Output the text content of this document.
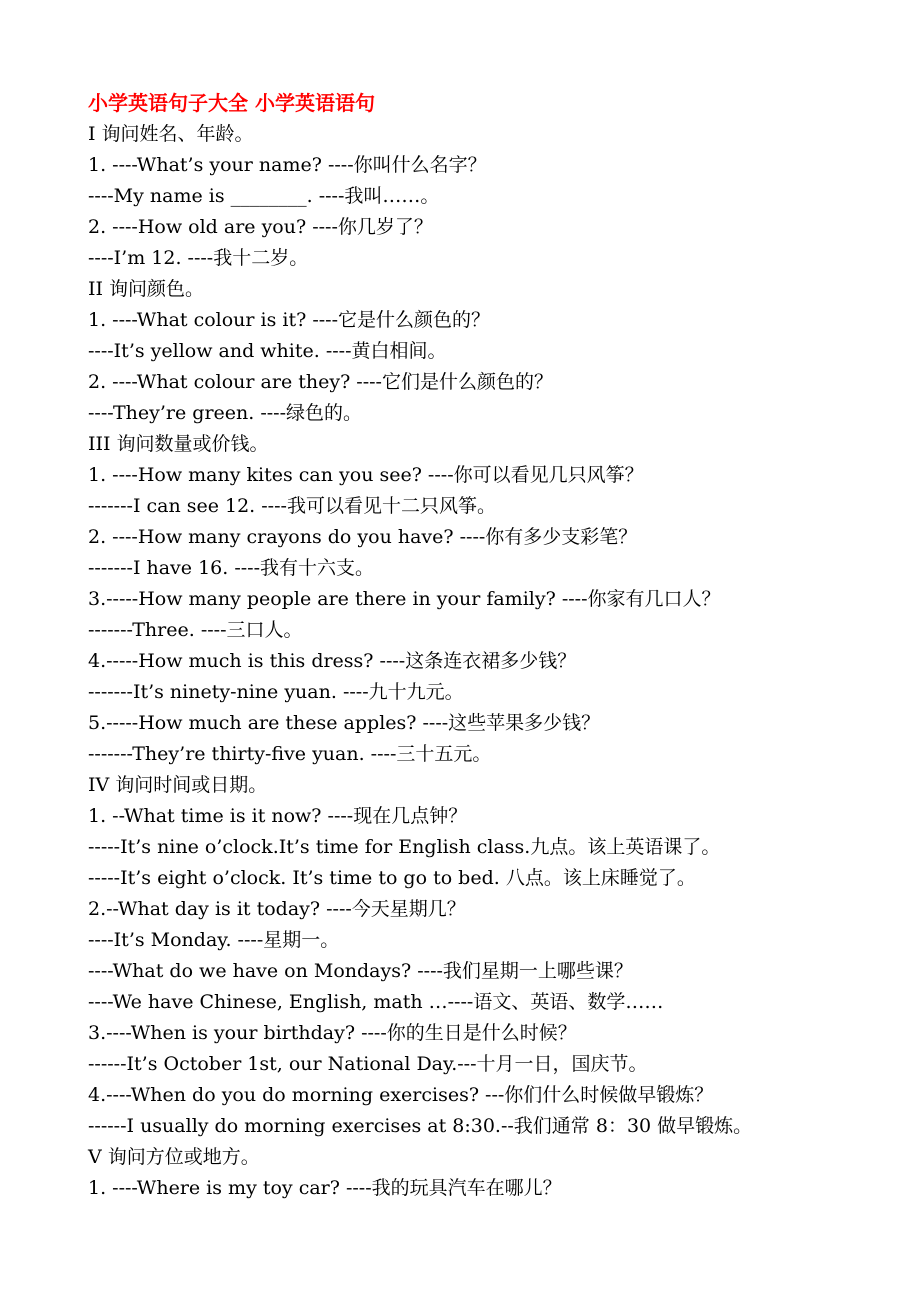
小学英语句子大全 小学英语语句
I 询问姓名、年龄。
1. ----What’s your name? ----你叫什么名字？
----My name is ________. ----我叫……。
2. ----How old are you? ----你几岁了？
----I’m 12. ----我十二岁。
II 询问颜色。
1. ----What colour is it? ----它是什么颜色的？
----It’s yellow and white. ----黄白相间。
2. ----What colour are they? ----它们是什么颜色的？
----They’re green. ----绿色的。
III 询问数量或价钱。
1. ----How many kites can you see? ----你可以看见几只风筝？
-------I can see 12. ----我可以看见十二只风筝。
2. ----How many crayons do you have? ----你有多少支彩笔？
-------I have 16. ----我有十六支。
3.-----How many people are there in your family? ----你家有几口人？
-------Three. ----三口人。
4.-----How much is this dress? ----这条连衣裙多少钱？
-------It’s ninety-nine yuan. ----九十九元。
5.-----How much are these apples? ----这些苹果多少钱？
-------They’re thirty-five yuan. ----三十五元。
IV 询问时间或日期。
1. --What time is it now? ----现在几点钟？
-----It’s nine o’clock.It’s time for English class.九点。该上英语课了。
-----It’s eight o’clock. It’s time to go to bed. 八点。该上床睡觉了。
2.--What day is it today? ----今天星期几？
----It’s Monday. ----星期一。
----What do we have on Mondays? ----我们星期一上哪些课？
----We have Chinese, English, math …----语文、英语、数学……
3.----When is your birthday? ----你的生日是什么时候？
------It’s October 1st, our National Day.---十月一日，国庆节。
4.----When do you do morning exercises? ---你们什么时候做早锻炼？
------I usually do morning exercises at 8:30.--我们通常 8：30 做早锻炼。
V 询问方位或地方。
1. ----Where is my toy car? ----我的玩具汽车在哪儿？
